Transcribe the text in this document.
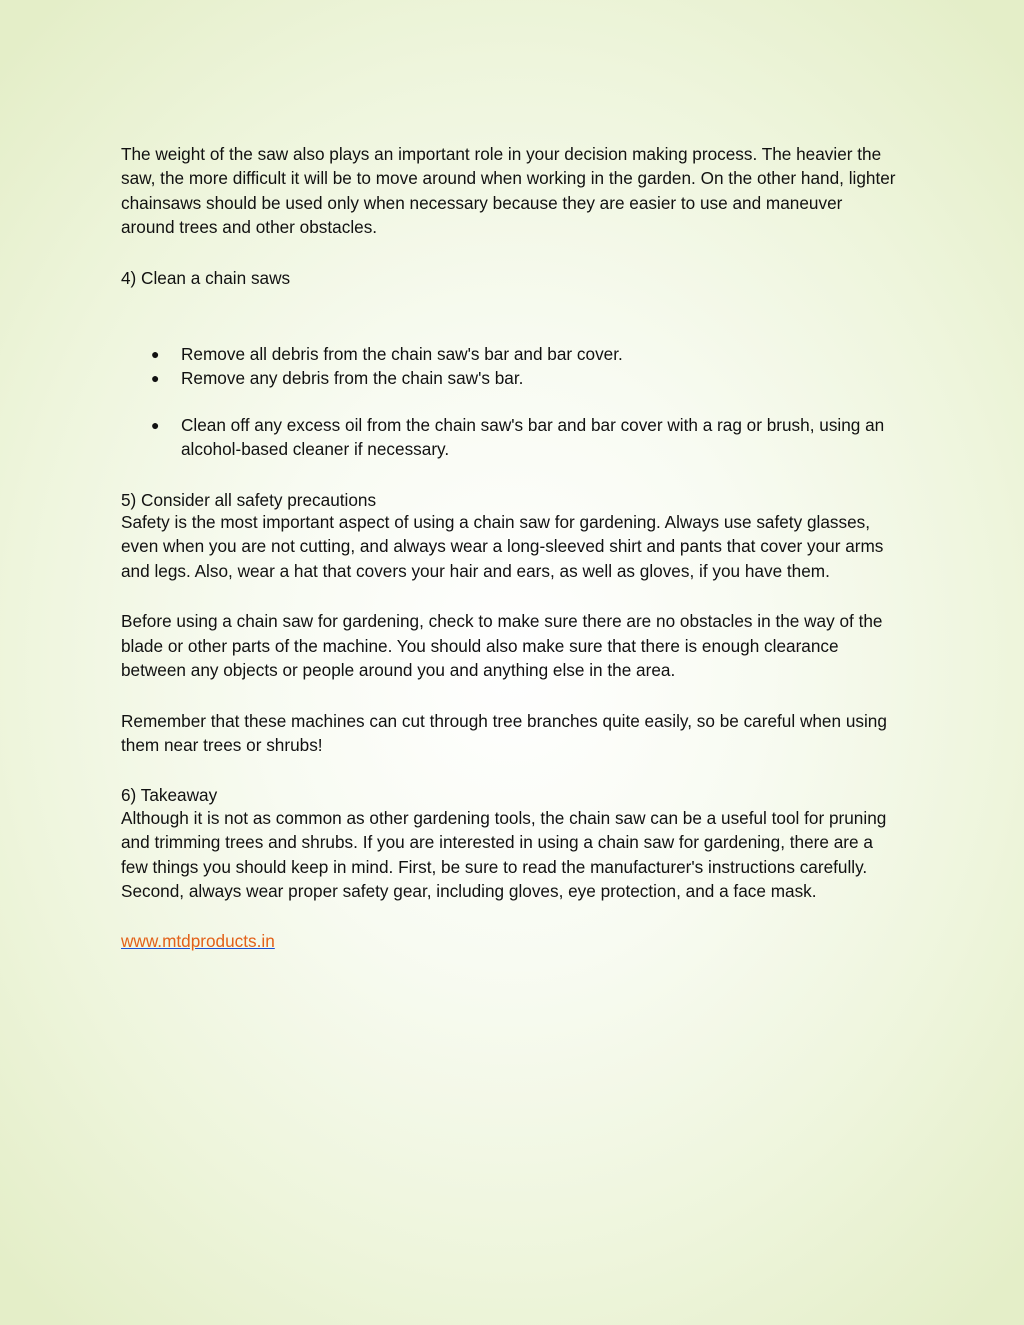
The weight of the saw also plays an important role in your decision making process. The heavier the saw, the more difficult it will be to move around when working in the garden. On the other hand, lighter chainsaws should be used only when necessary because they are easier to use and maneuver around trees and other obstacles.

4) Clean a chain saws

● Remove all debris from the chain saw's bar and bar cover.
● Remove any debris from the chain saw's bar.
● Clean off any excess oil from the chain saw's bar and bar cover with a rag or brush, using an alcohol-based cleaner if necessary.

5) Consider all safety precautions

Safety is the most important aspect of using a chain saw for gardening. Always use safety glasses, even when you are not cutting, and always wear a long-sleeved shirt and pants that cover your arms and legs. Also, wear a hat that covers your hair and ears, as well as gloves, if you have them.

Before using a chain saw for gardening, check to make sure there are no obstacles in the way of the blade or other parts of the machine. You should also make sure that there is enough clearance between any objects or people around you and anything else in the area.

Remember that these machines can cut through tree branches quite easily, so be careful when using them near trees or shrubs!

6) Takeaway

Although it is not as common as other gardening tools, the chain saw can be a useful tool for pruning and trimming trees and shrubs. If you are interested in using a chain saw for gardening, there are a few things you should keep in mind. First, be sure to read the manufacturer's instructions carefully. Second, always wear proper safety gear, including gloves, eye protection, and a face mask.

www.mtdproducts.in
